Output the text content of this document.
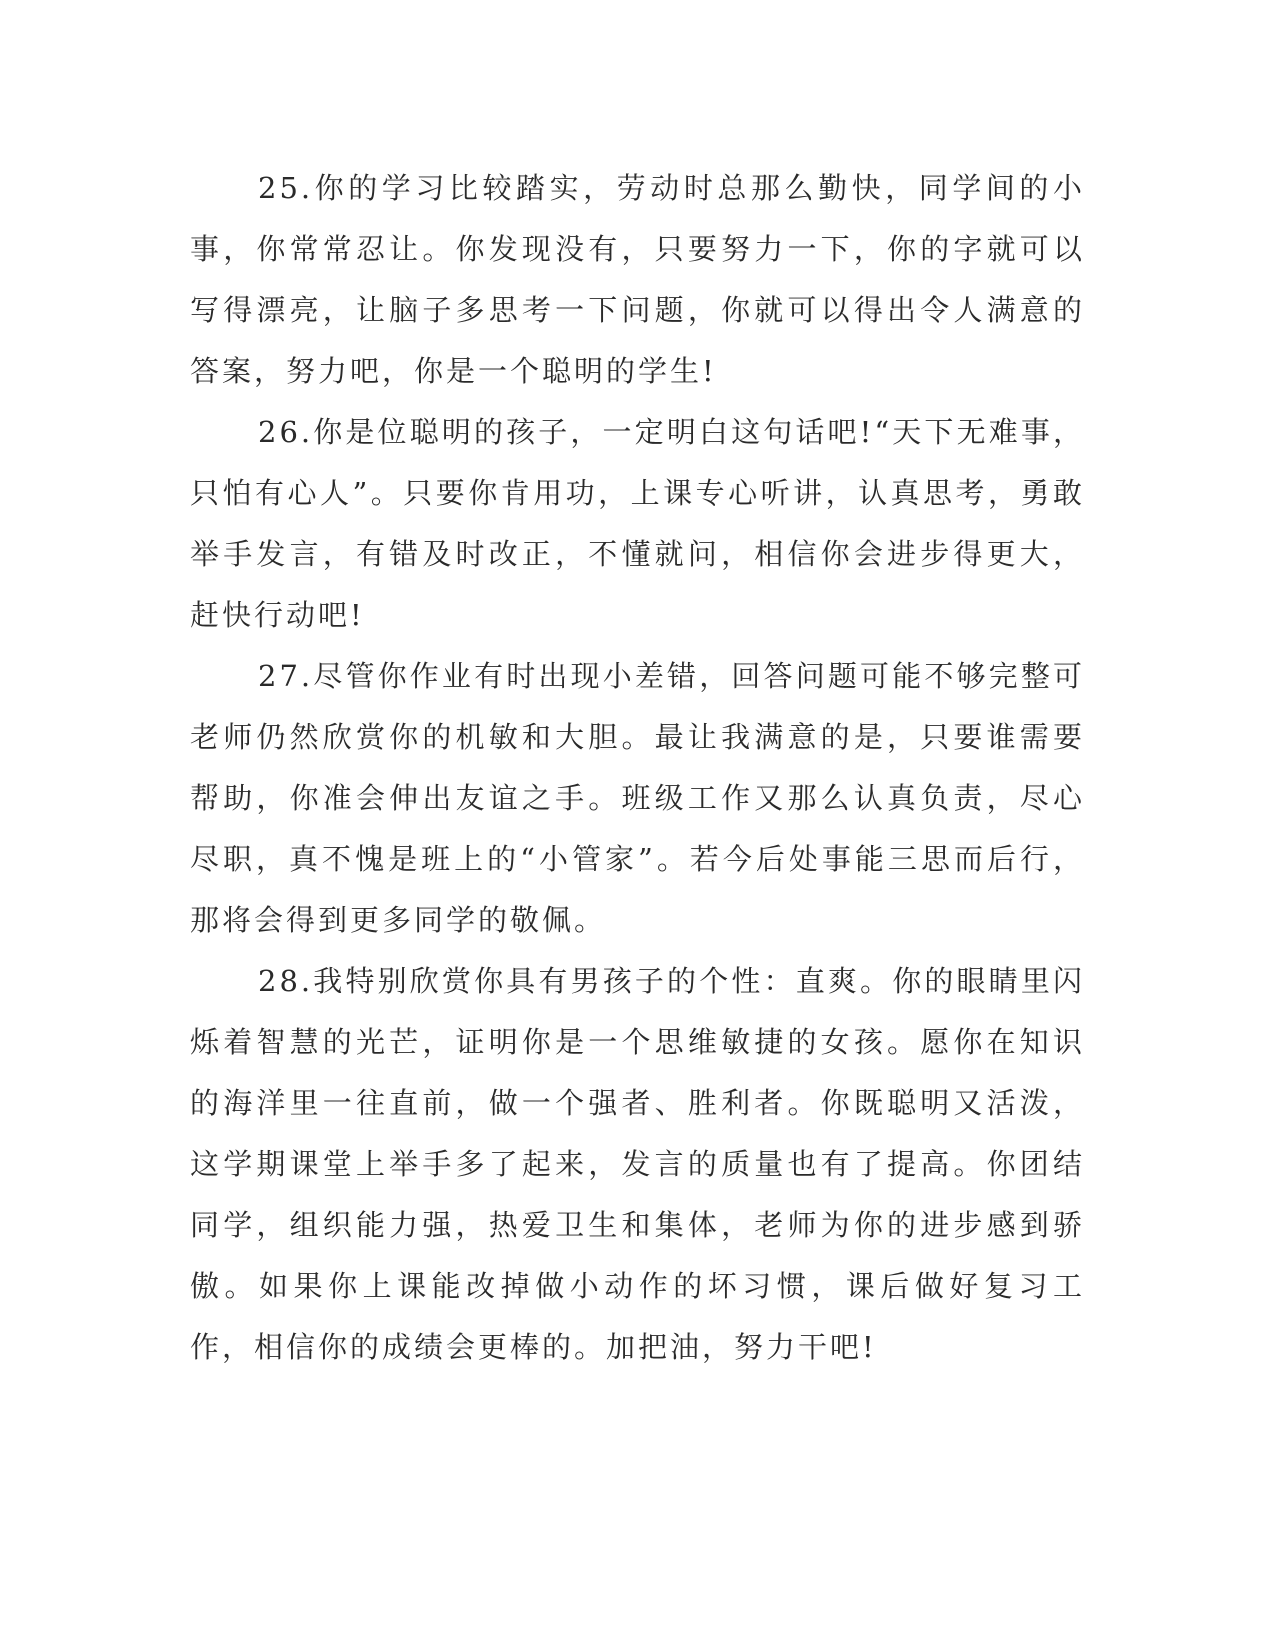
25.你的学习比较踏实，劳动时总那么勤快，同学间的小事，你常常忍让。你发现没有，只要努力一下，你的字就可以写得漂亮，让脑子多思考一下问题，你就可以得出令人满意的答案，努力吧，你是一个聪明的学生!

26.你是位聪明的孩子，一定明白这句话吧!“天下无难事，只怕有心人”。只要你肯用功，上课专心听讲，认真思考，勇敢举手发言，有错及时改正，不懂就问，相信你会进步得更大，赶快行动吧!

27.尽管你作业有时出现小差错，回答问题可能不够完整可老师仍然欣赏你的机敏和大胆。最让我满意的是，只要谁需要帮助，你准会伸出友谊之手。班级工作又那么认真负责，尽心尽职，真不愧是班上的“小管家”。若今后处事能三思而后行，那将会得到更多同学的敬佩。

28.我特别欣赏你具有男孩子的个性：直爽。你的眼睛里闪烁着智慧的光芒，证明你是一个思维敏捷的女孩。愿你在知识的海洋里一往直前，做一个强者、胜利者。你既聪明又活泼，这学期课堂上举手多了起来，发言的质量也有了提高。你团结同学，组织能力强，热爱卫生和集体，老师为你的进步感到骄傲。如果你上课能改掉做小动作的坏习惯，课后做好复习工作，相信你的成绩会更棒的。加把油，努力干吧!
